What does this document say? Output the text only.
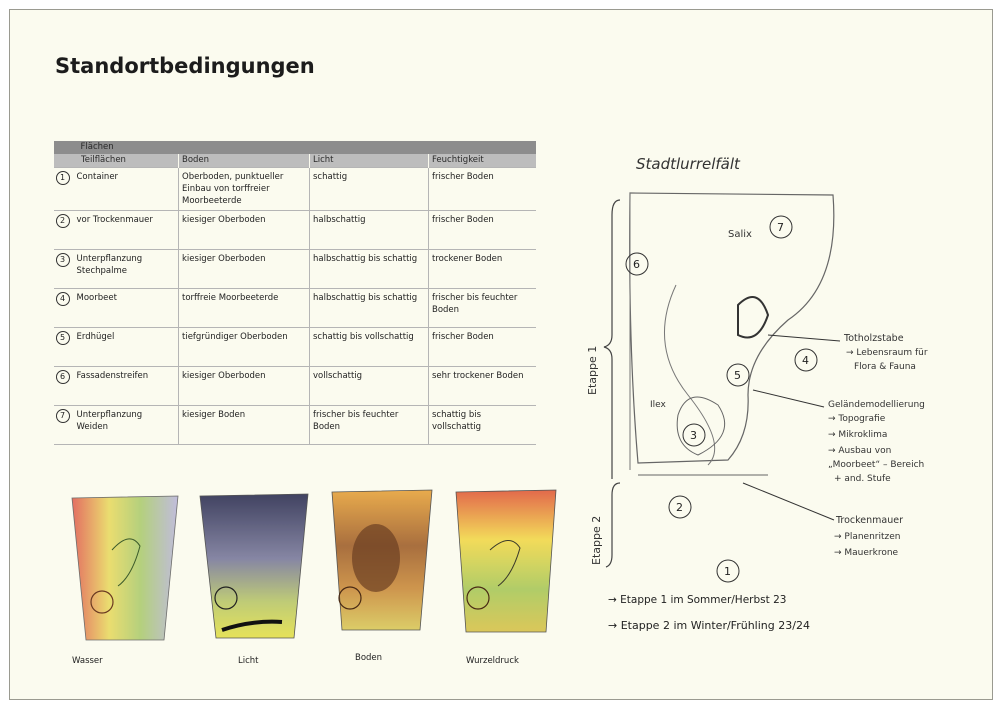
Standortbedingungen
Flächen			
Teilflächen	Boden	Licht	Feuchtigkeit
1 Container	Oberboden, punktueller Einbau von torffreier Moorbeeterde	schattig	frischer Boden
2 vor Trockenmauer	kiesiger Oberboden	halbschattig	frischer Boden
3 Unterpflanzung Stechpalme	kiesiger Oberboden	halbschattig bis schattig	trockener Boden
4 Moorbeet	torffreie Moorbeeterde	halbschattig bis schattig	frischer bis feuchter Boden
5 Erdhügel	tiefgründiger Oberboden	schattig bis vollschattig	frischer Boden
6 Fassadenstreifen	kiesiger Oberboden	vollschattig	sehr trockener Boden
7 Unterpflanzung Weiden	kiesiger Boden	frischer bis feuchter Boden	schattig bis vollschattig
Wasser	Licht	Boden	Wurzeldruck
Stadtlurrelfält
Etappe 1
Etappe 2
Salix
Ilex
1
2
3
4
5
6
7
Totholzstabe
→ Lebensraum für
Flora & Fauna
Geländemodellierung
→ Topografie
→ Mikroklima
→ Ausbau von
„Moorbeet“ – Bereich
+ and. Stufe
Trockenmauer
→ Planenritzen
→ Mauerkrone
→ Etappe 1 im Sommer/Herbst 23
→ Etappe 2 im Winter/Frühling 23/24
